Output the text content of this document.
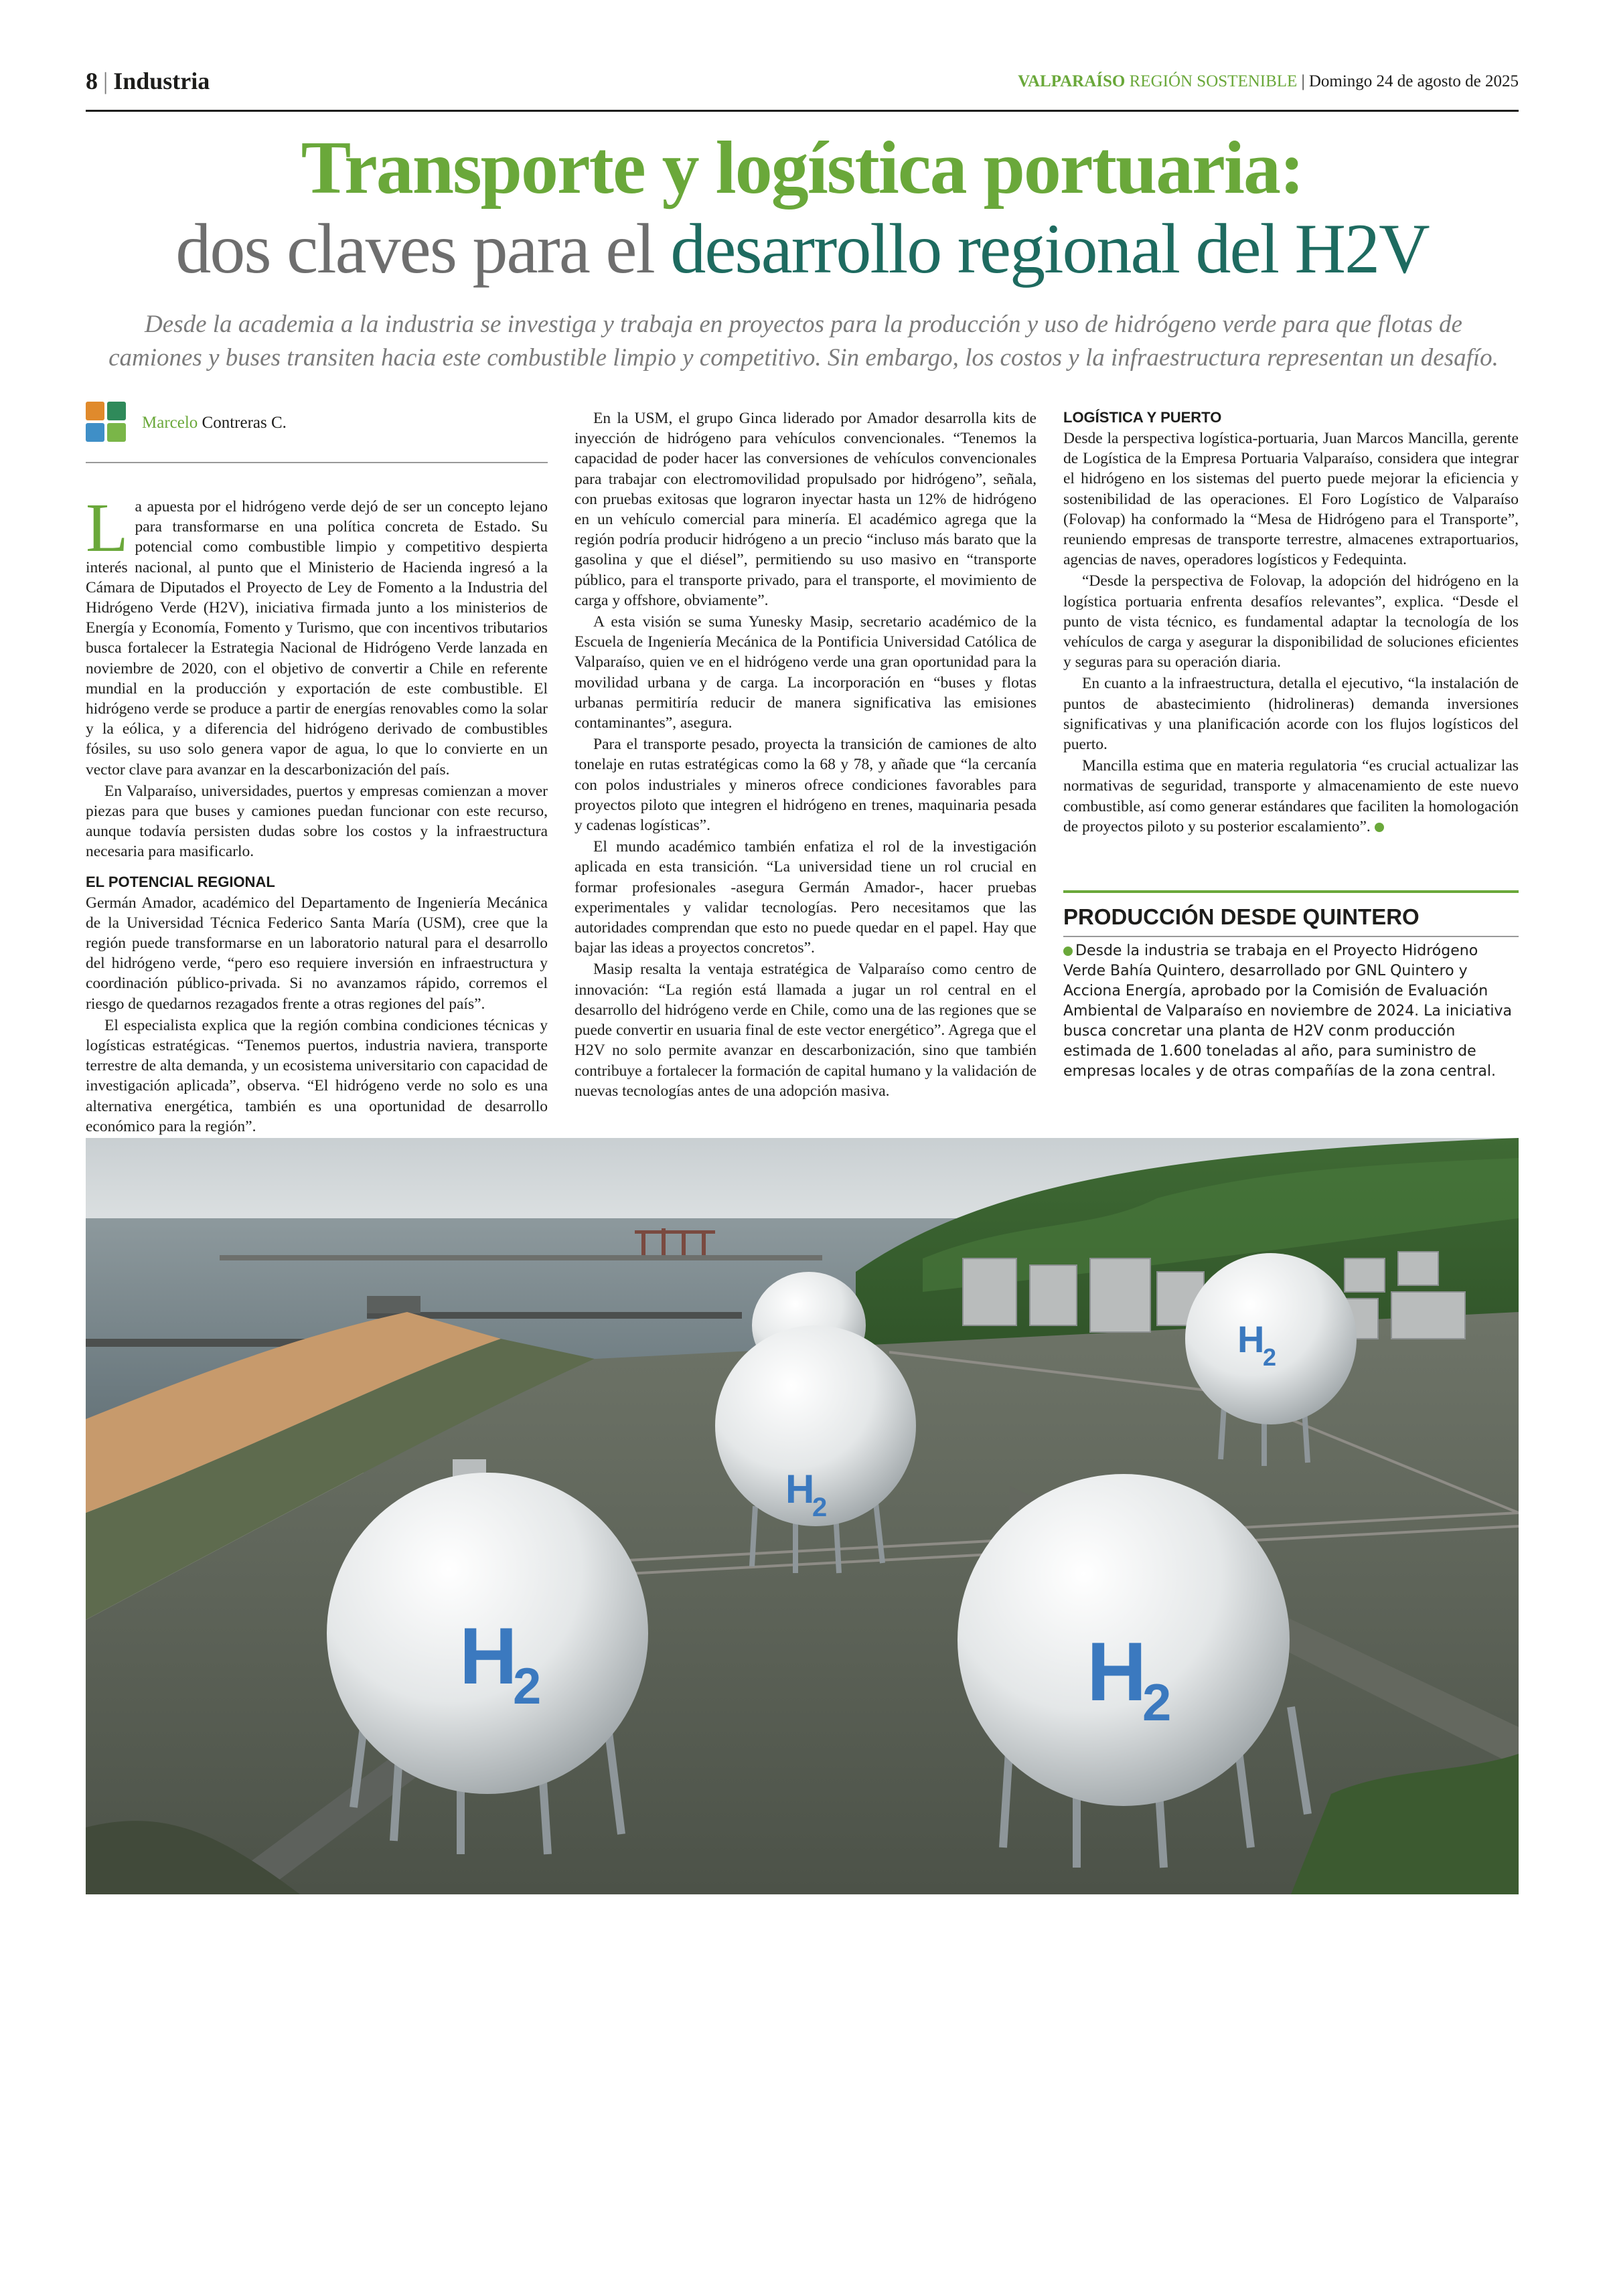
8 | Industria	VALPARAÍSO REGIÓN SOSTENIBLE | Domingo 24 de agosto de 2025
Transporte y logística portuaria:
dos claves para el desarrollo regional del H2V
Desde la academia a la industria se investiga y trabaja en proyectos para la producción y uso de hidrógeno verde para que flotas de camiones y buses transiten hacia este combustible limpio y competitivo. Sin embargo, los costos y la infraestructura representan un desafío.
Marcelo Contreras C.

La apuesta por el hidrógeno verde dejó de ser un concepto lejano para transformarse en una política concreta de Estado. Su potencial como combustible limpio y competitivo despierta interés nacional, al punto que el Ministerio de Hacienda ingresó a la Cámara de Diputados el Proyecto de Ley de Fomento a la Industria del Hidrógeno Verde (H2V), iniciativa firmada junto a los ministerios de Energía y Economía, Fomento y Turismo, que con incentivos tributarios busca fortalecer la Estrategia Nacional de Hidrógeno Verde lanzada en noviembre de 2020, con el objetivo de convertir a Chile en referente mundial en la producción y exportación de este combustible. El hidrógeno verde se produce a partir de energías renovables como la solar y la eólica, y a diferencia del hidrógeno derivado de combustibles fósiles, su uso solo genera vapor de agua, lo que lo convierte en un vector clave para avanzar en la descarbonización del país.

En Valparaíso, universidades, puertos y empresas comienzan a mover piezas para que buses y camiones puedan funcionar con este recurso, aunque todavía persisten dudas sobre los costos y la infraestructura necesaria para masificarlo.

EL POTENCIAL REGIONAL

Germán Amador, académico del Departamento de Ingeniería Mecánica de la Universidad Técnica Federico Santa María (USM), cree que la región puede transformarse en un laboratorio natural para el desarrollo del hidrógeno verde, “pero eso requiere inversión en infraestructura y coordinación público-privada. Si no avanzamos rápido, corremos el riesgo de quedarnos rezagados frente a otras regiones del país”.

El especialista explica que la región combina condiciones técnicas y logísticas estratégicas. “Tenemos puertos, industria naviera, transporte terrestre de alta demanda, y un ecosistema universitario con capacidad de investigación aplicada”, observa. “El hidrógeno verde no solo es una alternativa energética, también es una oportunidad de desarrollo económico para la región”.

En la USM, el grupo Ginca liderado por Amador desarrolla kits de inyección de hidrógeno para vehículos convencionales. “Tenemos la capacidad de poder hacer las conversiones de vehículos convencionales para trabajar con electromovilidad propulsado por hidrógeno”, señala, con pruebas exitosas que lograron inyectar hasta un 12% de hidrógeno en un vehículo comercial para minería. El académico agrega que la región podría producir hidrógeno a un precio “incluso más barato que la gasolina y que el diésel”, permitiendo su uso masivo en “transporte público, para el transporte privado, para el transporte, el movimiento de carga y offshore, obviamente”.

A esta visión se suma Yunesky Masip, secretario académico de la Escuela de Ingeniería Mecánica de la Pontificia Universidad Católica de Valparaíso, quien ve en el hidrógeno verde una gran oportunidad para la movilidad urbana y de carga. La incorporación en “buses y flotas urbanas permitiría reducir de manera significativa las emisiones contaminantes”, asegura.

Para el transporte pesado, proyecta la transición de camiones de alto tonelaje en rutas estratégicas como la 68 y 78, y añade que “la cercanía con polos industriales y mineros ofrece condiciones favorables para proyectos piloto que integren el hidrógeno en trenes, maquinaria pesada y cadenas logísticas”.

El mundo académico también enfatiza el rol de la investigación aplicada en esta transición. “La universidad tiene un rol crucial en formar profesionales -asegura Germán Amador-, hacer pruebas experimentales y validar tecnologías. Pero necesitamos que las autoridades comprendan que esto no puede quedar en el papel. Hay que bajar las ideas a proyectos concretos”.

Masip resalta la ventaja estratégica de Valparaíso como centro de innovación: “La región está llamada a jugar un rol central en el desarrollo del hidrógeno verde en Chile, como una de las regiones que se puede convertir en usuaria final de este vector energético”. Agrega que el H2V no solo permite avanzar en descarbonización, sino que también contribuye a fortalecer la formación de capital humano y la validación de nuevas tecnologías antes de una adopción masiva.

LOGÍSTICA Y PUERTO

Desde la perspectiva logística-portuaria, Juan Marcos Mancilla, gerente de Logística de la Empresa Portuaria Valparaíso, considera que integrar el hidrógeno en los sistemas del puerto puede mejorar la eficiencia y sostenibilidad de las operaciones. El Foro Logístico de Valparaíso (Folovap) ha conformado la “Mesa de Hidrógeno para el Transporte”, reuniendo empresas de transporte terrestre, almacenes extraportuarios, agencias de naves, operadores logísticos y Fedequinta.

“Desde la perspectiva de Folovap, la adopción del hidrógeno en la logística portuaria enfrenta desafíos relevantes”, explica. “Desde el punto de vista técnico, es fundamental adaptar la tecnología de los vehículos de carga y asegurar la disponibilidad de soluciones eficientes y seguras para su operación diaria.

En cuanto a la infraestructura, detalla el ejecutivo, “la instalación de puntos de abastecimiento (hidrolineras) demanda inversiones significativas y una planificación acorde con los flujos logísticos del puerto.

Mancilla estima que en materia regulatoria “es crucial actualizar las normativas de seguridad, transporte y almacenamiento de este nuevo combustible, así como generar estándares que faciliten la homologación de proyectos piloto y su posterior escalamiento”.

PRODUCCIÓN DESDE QUINTERO
Desde la industria se trabaja en el Proyecto Hidrógeno Verde Bahía Quintero, desarrollado por GNL Quintero y Acciona Energía, aprobado por la Comisión de Evaluación Ambiental de Valparaíso en noviembre de 2024. La iniciativa busca concretar una planta de H2V conm producción estimada de 1.600 toneladas al año, para suministro de empresas locales y de otras compañías de la zona central.
H
2
H
2
H
2	H
2
